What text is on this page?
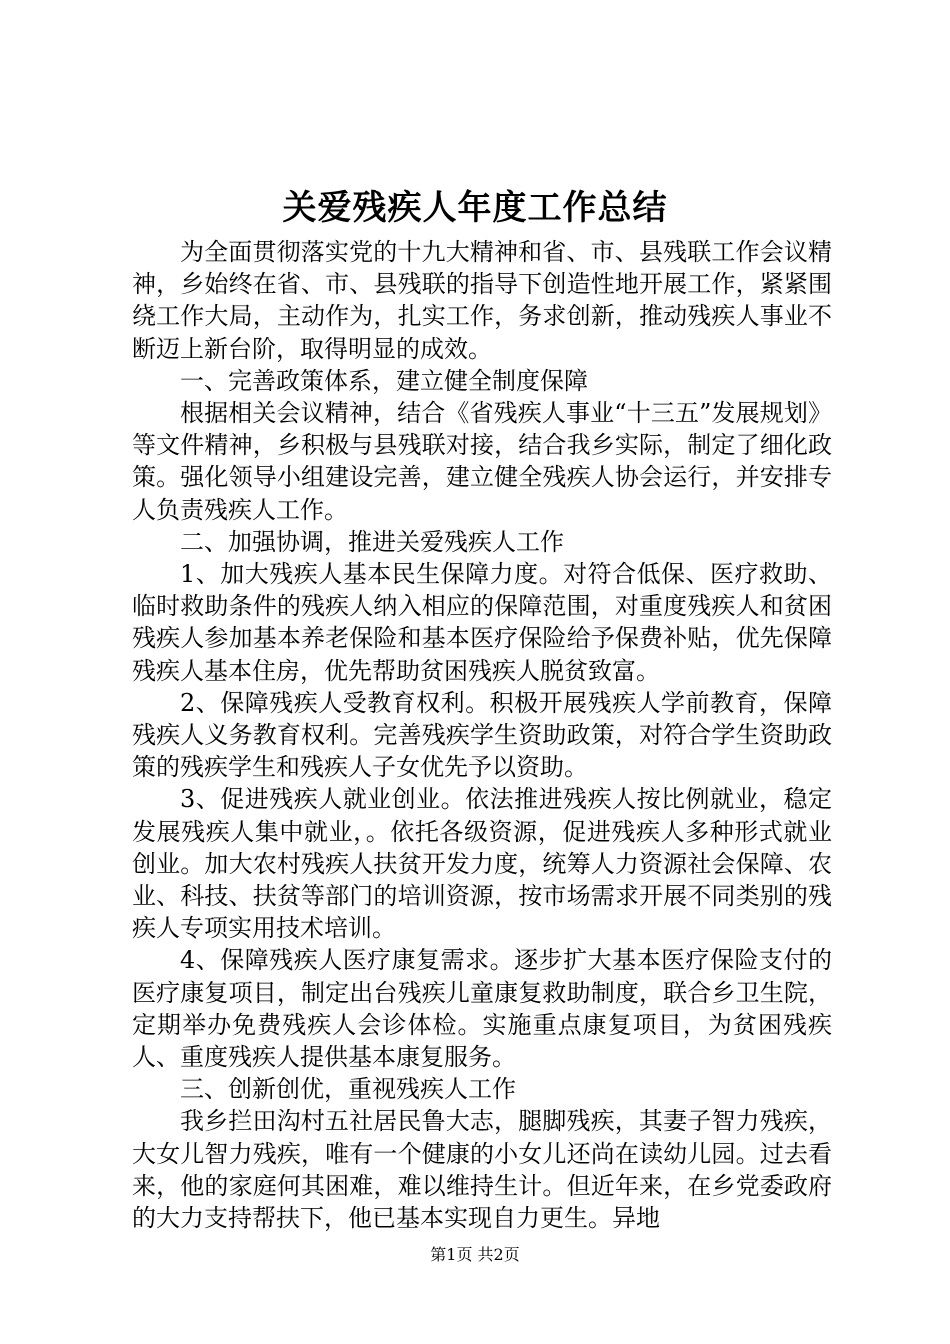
关爱残疾人年度工作总结

为全面贯彻落实党的十九大精神和省、市、县残联工作会议精神，乡始终在省、市、县残联的指导下创造性地开展工作，紧紧围绕工作大局，主动作为，扎实工作，务求创新，推动残疾人事业不断迈上新台阶，取得明显的成效。

一、完善政策体系，建立健全制度保障

根据相关会议精神，结合《省残疾人事业“十三五”发展规划》等文件精神，乡积极与县残联对接，结合我乡实际，制定了细化政策。强化领导小组建设完善，建立健全残疾人协会运行，并安排专人负责残疾人工作。

二、加强协调，推进关爱残疾人工作

1、加大残疾人基本民生保障力度。对符合低保、医疗救助、临时救助条件的残疾人纳入相应的保障范围，对重度残疾人和贫困残疾人参加基本养老保险和基本医疗保险给予保费补贴，优先保障残疾人基本住房，优先帮助贫困残疾人脱贫致富。

2、保障残疾人受教育权利。积极开展残疾人学前教育，保障残疾人义务教育权利。完善残疾学生资助政策，对符合学生资助政策的残疾学生和残疾人子女优先予以资助。

3、促进残疾人就业创业。依法推进残疾人按比例就业，稳定发展残疾人集中就业，。依托各级资源，促进残疾人多种形式就业创业。加大农村残疾人扶贫开发力度，统筹人力资源社会保障、农业、科技、扶贫等部门的培训资源，按市场需求开展不同类别的残疾人专项实用技术培训。

4、保障残疾人医疗康复需求。逐步扩大基本医疗保险支付的医疗康复项目，制定出台残疾儿童康复救助制度，联合乡卫生院，定期举办免费残疾人会诊体检。实施重点康复项目，为贫困残疾人、重度残疾人提供基本康复服务。

三、创新创优，重视残疾人工作

我乡拦田沟村五社居民鲁大志，腿脚残疾，其妻子智力残疾，大女儿智力残疾，唯有一个健康的小女儿还尚在读幼儿园。过去看来，他的家庭何其困难，难以维持生计。但近年来，在乡党委政府的大力支持帮扶下，他已基本实现自力更生。异地

第1页 共2页
